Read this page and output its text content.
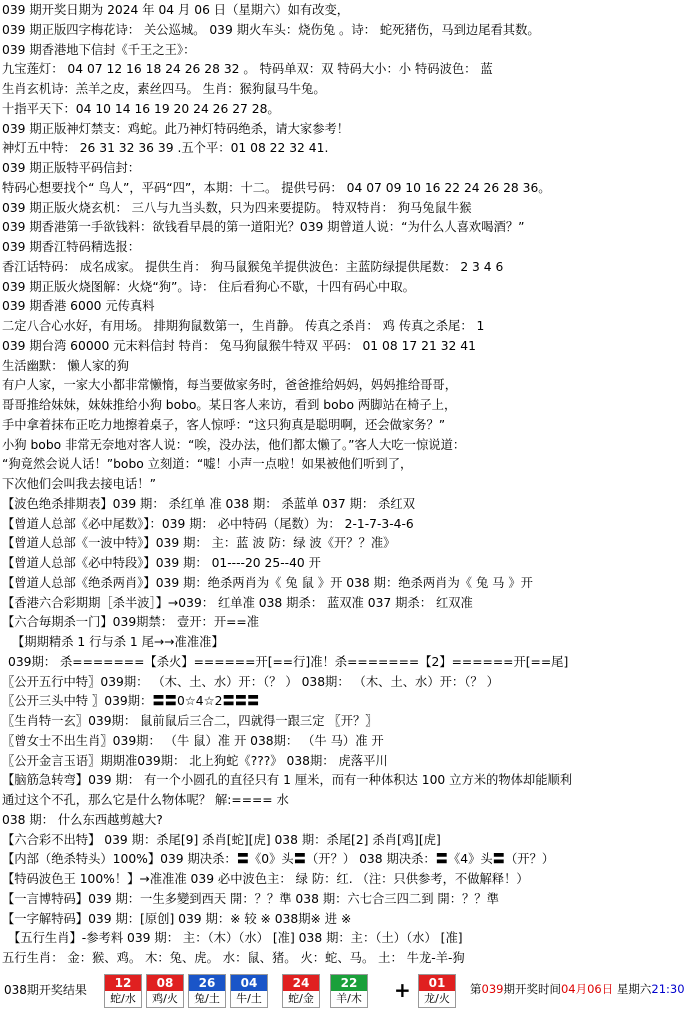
039 期开奖日期为 2024 年 04 月 06 日（星期六）如有改变，
039 期正版四字梅花诗： 关公巡城。 039 期火车头：烧伤兔 。诗： 蛇死猪伤，马到边尾看其数。
039 期香港地下信封《千王之王》：
九宝莲灯： 04 07 12 16 18 24 26 28 32 。 特码单双：双 特码大小：小 特码波色： 蓝
生肖玄机诗：羔羊之皮，素丝四马。 生肖：猴狗鼠马牛兔。
十指平天下：04 10 14 16 19 20 24 26 27 28。
039 期正版神灯禁支：鸡蛇。此乃神灯特码绝杀，请大家参考！
神灯五中特： 26 31 32 36 39 .五个平：01 08 22 32 41.
039 期正版特平码信封：
特码心想要找个“ 鸟人”，平码“四”，本期：十二。 提供号码： 04 07 09 10 16 22 24 26 28 36。
039 期正版火烧玄机： 三八与九当头数，只为四来要提防。 特双特肖： 狗马兔鼠牛猴
039 期香港第一手欲钱料：欲钱看早晨的第一道阳光？039 期曾道人说：“为什么人喜欢喝酒？”
039 期香江特码精选报：
香江话特码： 成名成家。 提供生肖： 狗马鼠猴兔羊提供波色：主蓝防绿提供尾数： 2 3 4 6
039 期正版火烧图解：火烧“狗”。诗： 住后看狗心不歇，十四有码心中取。
039 期香港 6000 元传真料
二定八合心水好，有用场。 排期狗鼠数第一，生肖静。 传真之杀肖： 鸡 传真之杀尾： 1
039 期台湾 60000 元末料信封 特肖： 兔马狗鼠猴牛特双 平码： 01 08 17 21 32 41
生活幽默： 懒人家的狗
有户人家，一家大小都非常懒惰，每当要做家务时，爸爸推给妈妈，妈妈推给哥哥，
哥哥推给妹妹，妹妹推给小狗 bobo。某日客人来访，看到 bobo 两脚站在椅子上，
手中拿着抹布正吃力地擦着桌子，客人惊呼：“这只狗真是聪明啊，还会做家务？”
小狗 bobo 非常无奈地对客人说：“唉，没办法，他们都太懒了。”客人大吃一惊说道：
“狗竟然会说人话！”bobo 立刻道：“嘘！小声一点啦！如果被他们听到了，
下次他们会叫我去接电话！”
【波色绝杀排期表】039 期： 杀红单 准 038 期： 杀蓝单 037 期： 杀红双
【曾道人总部《必中尾数》】：039 期： 必中特码（尾数）为： 2-1-7-3-4-6
【曾道人总部《一波中特》】039 期： 主：蓝 波 防：绿 波《开？？准》
【曾道人总部《必中特段》】039 期： 01----20 25--40 开
【曾道人总部《绝杀两肖》】039 期：绝杀两肖为《 兔 鼠 》开 038 期：绝杀两肖为《 兔 马 》开
【香港六合彩期期［杀半波］】→039： 红单准 038 期杀： 蓝双准 037 期杀： 红双准
【六合毎期杀一门】039期禁： 壹开：开==准
【期期精杀 1 行与杀 1 尾→→准准准】
039期： 杀=======【杀火】======开[==行]准！杀=======【2】======开[==尾]
〖公开五行中特〗039期： （木、土、水）开：（？ ） 038期： （木、土、水）开：（？ ）
〖公开三头中特 〗039期：〓〓0☆4☆2〓〓〓
〖生肖特一玄〗039期： 鼠前鼠后三合二，四就得一跟三定 〖开？〗
〖曾女士不出生肖〗039期： （牛 鼠）准 开 038期： （牛 马）准 开
〖公开金言玉语〗期期准039期： 北上狗蛇《???》 038期： 虎落平川
【脑筋急转弯】039 期： 有一个小圆孔的直径只有 1 厘米，而有一种体积达 100 立方米的物体却能顺利
通过这个不孔，那么它是什么物体呢？ 解:==== 水
038 期： 什么东西越剪越大?
【六合彩不出特】 039 期：杀尾[9] 杀肖[蛇][虎] 038 期：杀尾[2] 杀肖[鸡][虎]
【内部（绝杀特头）100%】039 期决杀：〓《0》头〓（开？） 038 期决杀：〓《4》头〓（开？）
【特码波色王 100%！】→准准准 039 必中波色主： 绿 防：红. （注：只供参考，不做解释！）
【一言博特码】039 期：一生多變到西天 開：？？準 038 期：六七合三四二到 開：？？準
【一字解特码】039 期：[原创] 039 期：※ 较 ※ 038期※ 进 ※
【五行生肖】-参考料 039 期： 主：（木）（水） [准] 038 期：主：（土）（水） [准]
五行生肖： 金：猴、鸡。 木：兔、虎。 水：鼠、猪。 火：蛇、马。 土： 牛龙-羊-狗
038期开奖结果	12
蛇/水
08
鸡/火
26
兔/土
04
牛/土
24
蛇/金
22
羊/木
01
龙/火
+	第039期开奖时间04月06日 星期六21:30
